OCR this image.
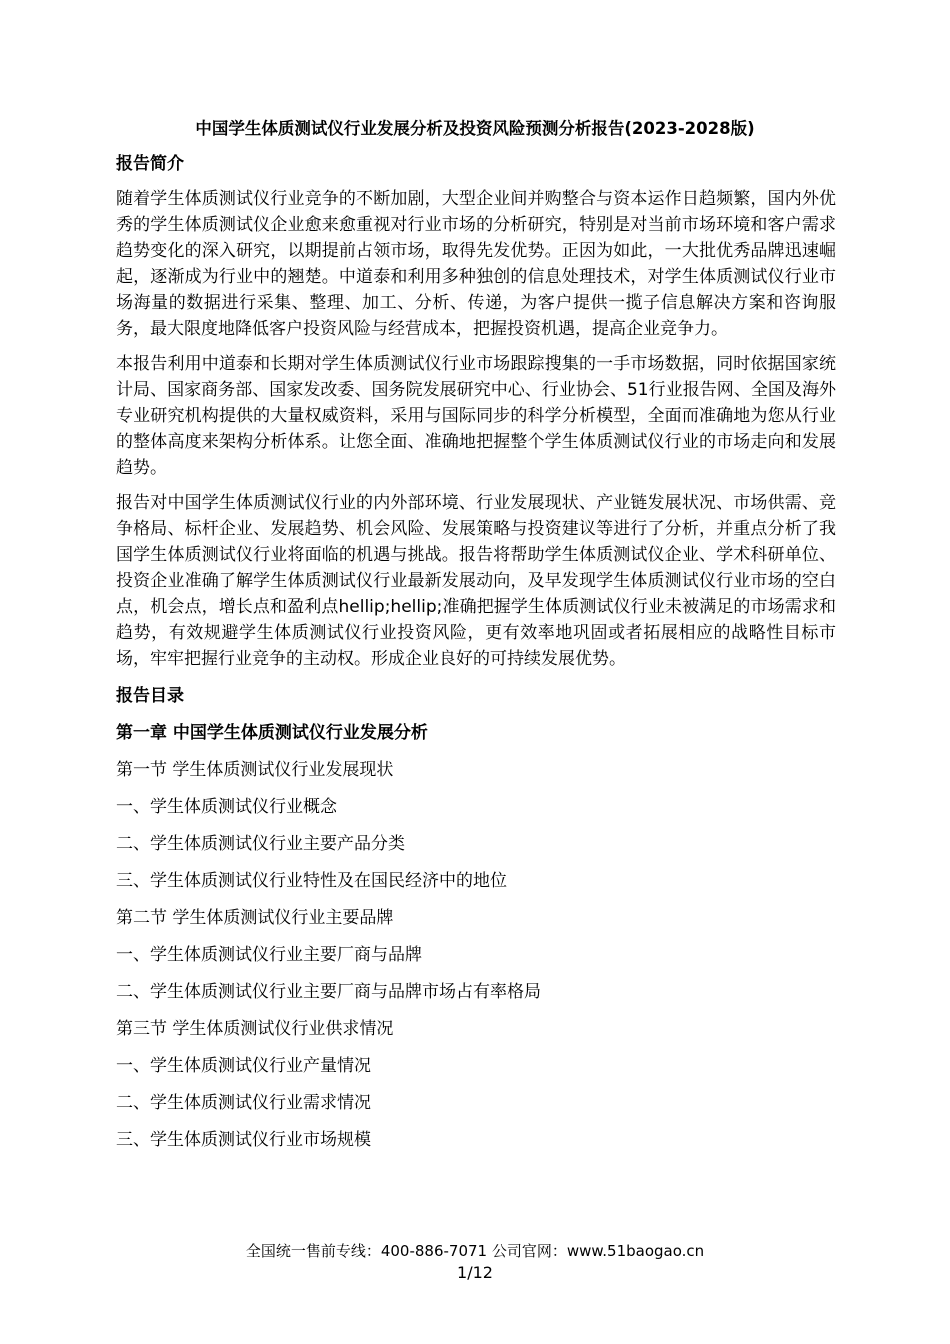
中国学生体质测试仪行业发展分析及投资风险预测分析报告(2023-2028版)
报告简介

随着学生体质测试仪行业竞争的不断加剧，大型企业间并购整合与资本运作日趋频繁，国内外优秀的学生体质测试仪企业愈来愈重视对行业市场的分析研究，特别是对当前市场环境和客户需求趋势变化的深入研究，以期提前占领市场，取得先发优势。正因为如此，一大批优秀品牌迅速崛起，逐渐成为行业中的翘楚。中道泰和利用多种独创的信息处理技术，对学生体质测试仪行业市场海量的数据进行采集、整理、加工、分析、传递，为客户提供一揽子信息解决方案和咨询服务，最大限度地降低客户投资风险与经营成本，把握投资机遇，提高企业竞争力。

本报告利用中道泰和长期对学生体质测试仪行业市场跟踪搜集的一手市场数据，同时依据国家统计局、国家商务部、国家发改委、国务院发展研究中心、行业协会、51行业报告网、全国及海外专业研究机构提供的大量权威资料，采用与国际同步的科学分析模型，全面而准确地为您从行业的整体高度来架构分析体系。让您全面、准确地把握整个学生体质测试仪行业的市场走向和发展趋势。

报告对中国学生体质测试仪行业的内外部环境、行业发展现状、产业链发展状况、市场供需、竞争格局、标杆企业、发展趋势、机会风险、发展策略与投资建议等进行了分析，并重点分析了我国学生体质测试仪行业将面临的机遇与挑战。报告将帮助学生体质测试仪企业、学术科研单位、投资企业准确了解学生体质测试仪行业最新发展动向，及早发现学生体质测试仪行业市场的空白点，机会点，增长点和盈利点hellip;hellip;准确把握学生体质测试仪行业未被满足的市场需求和趋势，有效规避学生体质测试仪行业投资风险，更有效率地巩固或者拓展相应的战略性目标市场，牢牢把握行业竞争的主动权。形成企业良好的可持续发展优势。

报告目录
第一章 中国学生体质测试仪行业发展分析
第一节 学生体质测试仪行业发展现状
一、学生体质测试仪行业概念
二、学生体质测试仪行业主要产品分类
三、学生体质测试仪行业特性及在国民经济中的地位
第二节 学生体质测试仪行业主要品牌
一、学生体质测试仪行业主要厂商与品牌
二、学生体质测试仪行业主要厂商与品牌市场占有率格局
第三节 学生体质测试仪行业供求情况
一、学生体质测试仪行业产量情况
二、学生体质测试仪行业需求情况
三、学生体质测试仪行业市场规模
全国统一售前专线：400-886-7071 公司官网：www.51baogao.cn
1/12
